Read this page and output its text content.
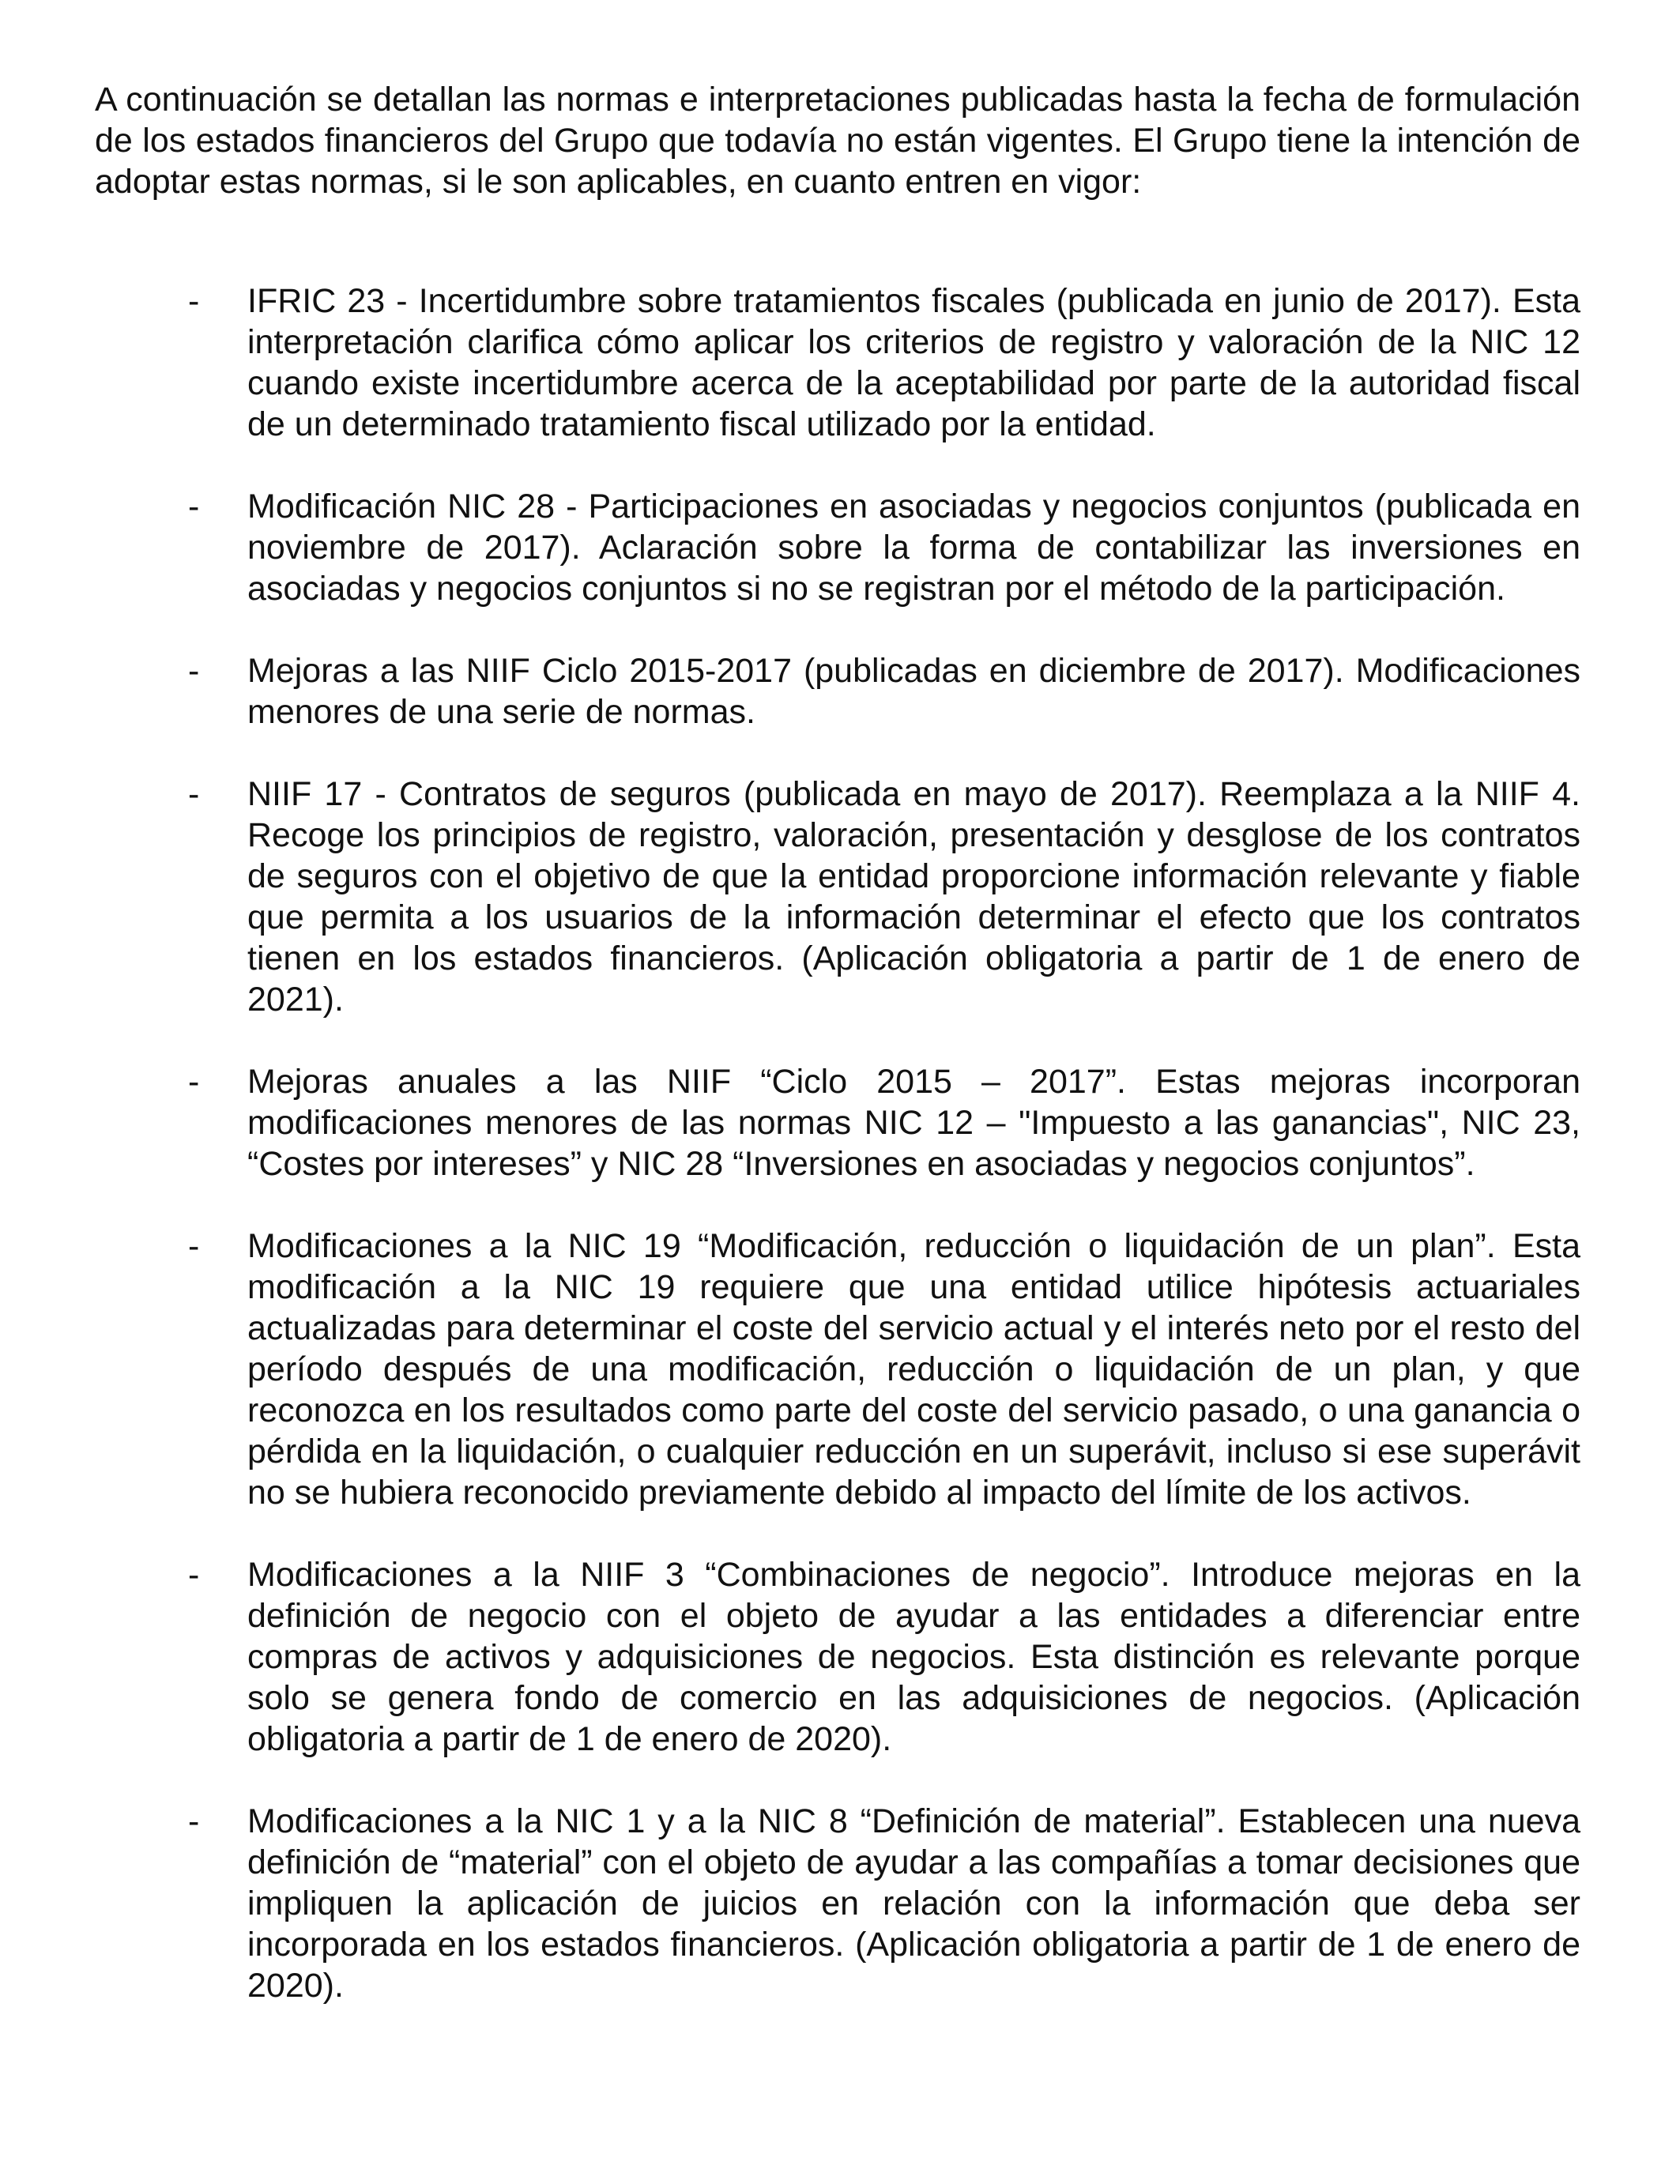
A continuación se detallan las normas e interpretaciones publicadas hasta la fecha de formulación de los estados financieros del Grupo que todavía no están vigentes. El Grupo tiene la intención de adoptar estas normas, si le son aplicables, en cuanto entren en vigor:

-	IFRIC 23 - Incertidumbre sobre tratamientos fiscales (publicada en junio de 2017). Esta interpretación clarifica cómo aplicar los criterios de registro y valoración de la NIC 12 cuando existe incertidumbre acerca de la aceptabilidad por parte de la autoridad fiscal de un determinado tratamiento fiscal utilizado por la entidad.
-	Modificación NIC 28 - Participaciones en asociadas y negocios conjuntos (publicada en noviembre de 2017). Aclaración sobre la forma de contabilizar las inversiones en asociadas y negocios conjuntos si no se registran por el método de la participación.
-	Mejoras a las NIIF Ciclo 2015-2017 (publicadas en diciembre de 2017). Modificaciones menores de una serie de normas.
-	NIIF 17 - Contratos de seguros (publicada en mayo de 2017). Reemplaza a la NIIF 4. Recoge los principios de registro, valoración, presentación y desglose de los contratos de seguros con el objetivo de que la entidad proporcione información relevante y fiable que permita a los usuarios de la información determinar el efecto que los contratos tienen en los estados financieros. (Aplicación obligatoria a partir de 1 de enero de 2021).
-	Mejoras anuales a las NIIF “Ciclo 2015 – 2017”. Estas mejoras incorporan modificaciones menores de las normas NIC 12 – "Impuesto a las ganancias", NIC 23, “Costes por intereses” y NIC 28 “Inversiones en asociadas y negocios conjuntos”.
-	Modificaciones a la NIC 19 “Modificación, reducción o liquidación de un plan”. Esta modificación a la NIC 19 requiere que una entidad utilice hipótesis actuariales actualizadas para determinar el coste del servicio actual y el interés neto por el resto del período después de una modificación, reducción o liquidación de un plan, y que reconozca en los resultados como parte del coste del servicio pasado, o una ganancia o pérdida en la liquidación, o cualquier reducción en un superávit, incluso si ese superávit no se hubiera reconocido previamente debido al impacto del límite de los activos.
-	Modificaciones a la NIIF 3 “Combinaciones de negocio”. Introduce mejoras en la definición de negocio con el objeto de ayudar a las entidades a diferenciar entre compras de activos y adquisiciones de negocios. Esta distinción es relevante porque solo se genera fondo de comercio en las adquisiciones de negocios. (Aplicación obligatoria a partir de 1 de enero de 2020).
-	Modificaciones a la NIC 1 y a la NIC 8 “Definición de material”. Establecen una nueva definición de “material” con el objeto de ayudar a las compañías a tomar decisiones que impliquen la aplicación de juicios en relación con la información que deba ser incorporada en los estados financieros. (Aplicación obligatoria a partir de 1 de enero de 2020).
